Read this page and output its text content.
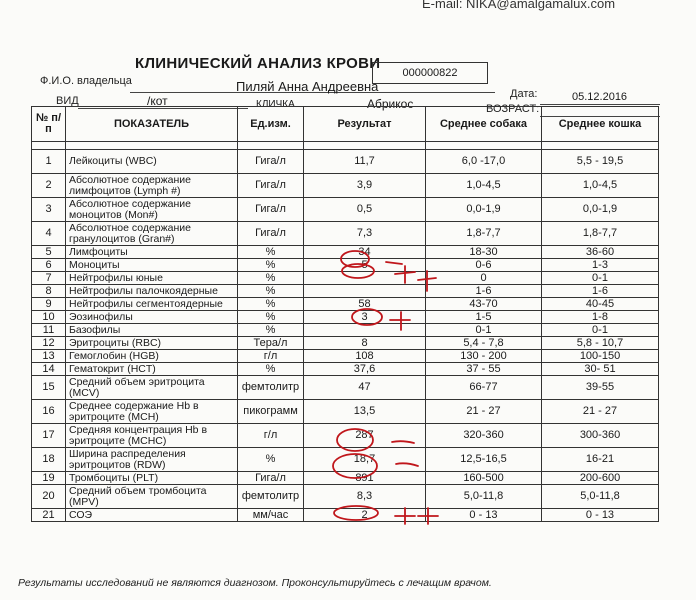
E-mail: NIKA@amalgamalux.com
КЛИНИЧЕСКИЙ АНАЛИЗ КРОВИ
000000822
Ф.И.О. владельца	Пиляй Анна Андреевна	Дата:	05.12.2016
ВИД	/кот	КЛИЧКА	Абрикос	ВОЗРАСТ:
№ п/п	ПОКАЗАТЕЛЬ	Ед.изм.	Результат	Среднее собака	Среднее кошка

1	Лейкоциты (WBC)	Гига/л	11,7	6,0 -17,0	5,5 - 19,5
2	Абсолютное содержание лимфоцитов (Lymph #)	Гига/л	3,9	1,0-4,5	1,0-4,5
3	Абсолютное содержание моноцитов (Mon#)	Гига/л	0,5	0,0-1,9	0,0-1,9
4	Абсолютное содержание гранулоцитов (Gran#)	Гига/л	7,3	1,8-7,7	1,8-7,7
5	Лимфоциты	%	34	18-30	36-60
6	Моноциты	%	5	0-6	1-3
7	Нейтрофилы юные	%		0	0-1
8	Нейтрофилы палочкоядерные	%		1-6	1-6
9	Нейтрофилы сегментоядерные	%	58	43-70	40-45
10	Эозинофилы	%	3	1-5	1-8
11	Базофилы	%		0-1	0-1
12	Эритроциты (RBC)	Тера/л	8	5,4 - 7,8	5,8 - 10,7
13	Гемоглобин (HGB)	г/л	108	130 - 200	100-150
14	Гематокрит (HCT)	%	37,6	37 - 55	30- 51
15	Средний объем эритроцита (MCV)	фемтолитр	47	66-77	39-55
16	Среднее содержание Hb в эритроците (MCH)	пикограмм	13,5	21 - 27	21 - 27
17	Средняя концентрация Hb в эритроците (MCHC)	г/л	287	320-360	300-360
18	Ширина распределения эритроцитов (RDW)	%	18,7	12,5-16,5	16-21
19	Тромбоциты (PLT)	Гига/л	891	160-500	200-600
20	Средний объем тромбоцита (MPV)	фемтолитр	8,3	5,0-11,8	5,0-11,8
21	СОЭ	мм/час	2	0 - 13	0 - 13
Результаты исследований не являются диагнозом. Проконсультируйтесь с лечащим врачом.
